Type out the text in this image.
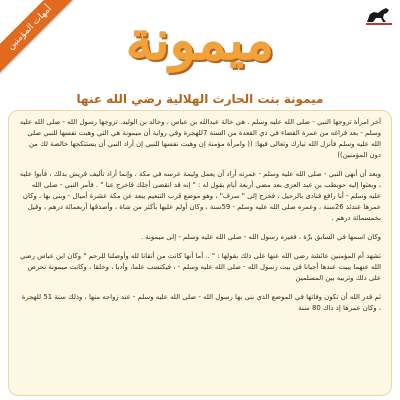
أمهات المؤمنين	ميمونة
ميمونة بنت الحارث الهلالية رضي الله عنها

آخر امرأة تزوجها النبي - صلى الله عليه وسلم . هي خالة عبدالله بن عباس ، وخالد بن الوليد. تزوجها رسول الله - صلى الله عليه وسلم - بعد فراغه من عمرة القضاء في ذي القعدة من السنة 7للهجرة وفي رواية أن ميمونة هي التي وهبت نفسها للنبي صلى الله عليه وسلم فأنزل الله تبارك وتعالى فيها: (( وامرأة مؤمنة إن وهبت نفسها للنبي إن أراد النبي أن يستنكحها خالصة لك من دون المؤمنين))

وبعد أن أنهى النبي - صلى الله عليه وسلم - عمرته أراد أن يعمل وليمة عرسه في مكة ، وإنما أراد تأليف قريش بذلك ، فأبوا عليه ، وبعثوا إليه حويطب بن عبد العزى بعد مضي أربعة أيام يقول له : " إنه قد انقضى أجلك فاخرج عنا " . فأمر النبي - صلى الله عليه وسلم - أبا رافع فنادى بالرحيل ، فخرج إلى " سرف" ، وهو موضع قرب التنعيم يبعد عن مكة عشرة أميال - وبنى بها ، وكان عمرها عندئذ 26سنة ، وعمره صلى الله عليه وسلم - 59سنة ، وكان أولم عليها بأكثر من شاة ، وأصدقها أربعمائة درهم ، وقيل بخمسمائة درهم .

وكان اسمها في السابق برَّة ، فغيره رسول الله - صلى الله عليه وسلم - إلى ميمونة .

تشهد أم المؤمنين عائشة رضي الله عنها على ذلك بقولها : " .. أما أنها كانت من أتقانا لله وأوصلنا للرحم " وكان ابن عباس رضي الله عنهما يبيت عندها أحيانا في بيت رسول الله - صلى الله عليه وسلم - ، فيكتسب علما، وأدبا ، وخلقا ، وكانت ميمونة تحرص على ذلك وتربيه بين المسلمين

ثم قدر الله أن تكون وفاتها في الموضع الذي بنى بها رسول الله - صلى الله عليه وسلم - عند زواجه منها ، وذلك سنة 51 للهجرة ، وكان عمرها إذ ذاك 80 سنة
